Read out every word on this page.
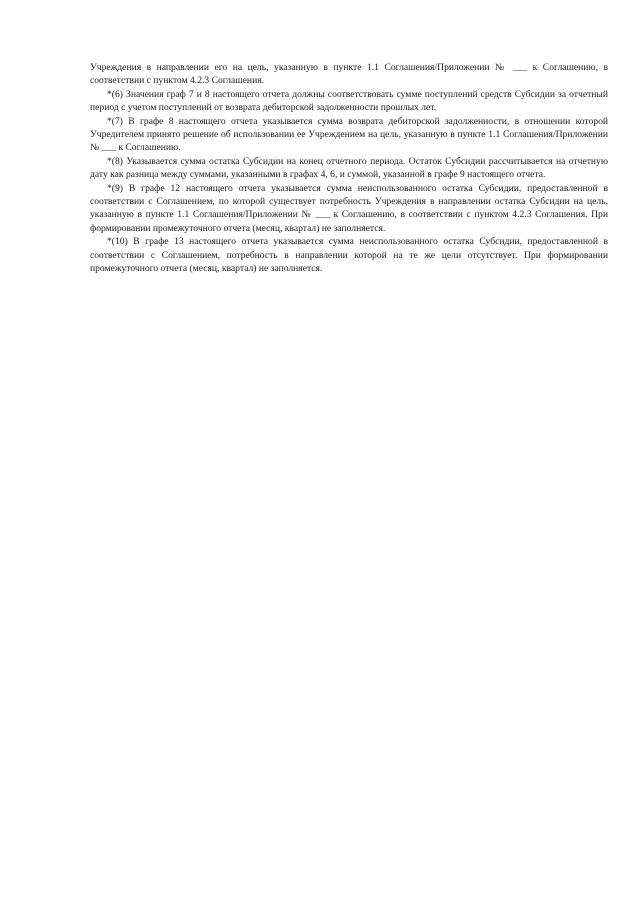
Учреждения в направлении его на цель, указанную в пункте 1.1 Соглашения/Приложении № ___ к Соглашению, в соответствии с пунктом 4.2.3 Соглашения.

*(6) Значения граф 7 и 8 настоящего отчета должны соответствовать сумме поступлений средств Субсидии за отчетный период с учетом поступлений от возврата дебиторской задолженности прошлых лет.

*(7) В графе 8 настоящего отчета указывается сумма возврата дебиторской задолженности, в отношении которой Учредителем принято решение об использовании ее Учреждением на цель, указанную в пункте 1.1 Соглашения/Приложении № ___ к Соглашению.

*(8) Указывается сумма остатка Субсидии на конец отчетного периода. Остаток Субсидии рассчитывается на отчетную дату как разница между суммами, указанными в графах 4, 6, и суммой, указанной в графе 9 настоящего отчета.

*(9) В графе 12 настоящего отчета указывается сумма неиспользованного остатка Субсидии, предоставленной в соответствии с Соглашением, по которой существует потребность Учреждения в направлении остатка Субсидии на цель, указанную в пункте 1.1 Соглашения/Приложении № ___ к Соглашению, в соответствии с пунктом 4.2.3 Соглашения. При формировании промежуточного отчета (месяц, квартал) не заполняется.

*(10) В графе 13 настоящего отчета указывается сумма неиспользованного остатка Субсидии, предоставленной в соответствии с Соглашением, потребность в направлении которой на те же цели отсутствует. При формировании промежуточного отчета (месяц, квартал) не заполняется.
